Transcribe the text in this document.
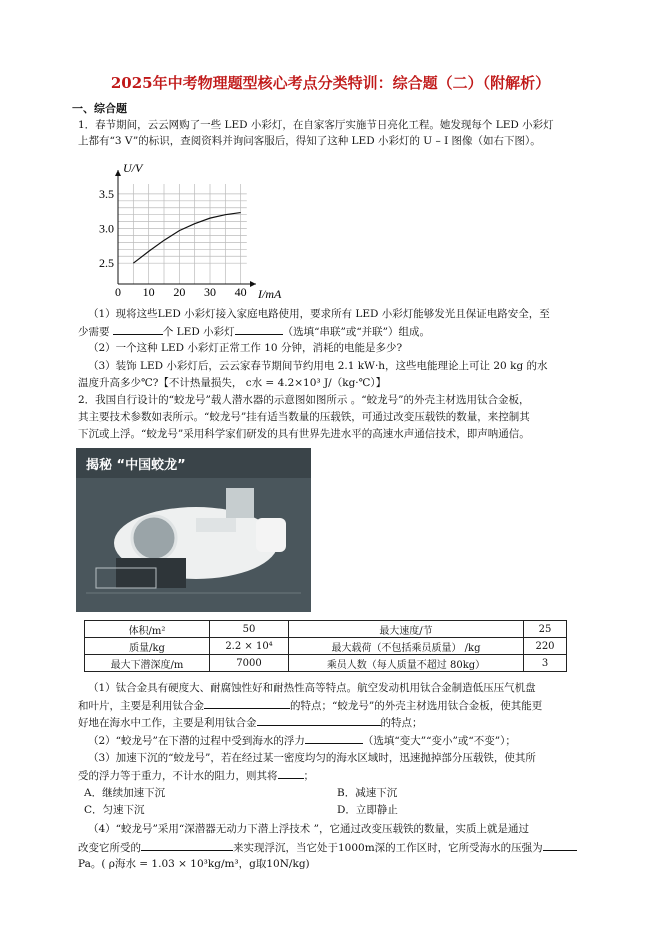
2025年中考物理题型核心考点分类特训：综合题（二）（附解析）
一、综合题
1．春节期间，云云网购了一些 LED 小彩灯，在自家客厅实施节日亮化工程。她发现每个 LED 小彩灯
上都有“3 V”的标识，查阅资料并询问客服后，得知了这种 LED 小彩灯的 U – I 图像（如右下图）。
0 10 20 30 40
2.5
3.0
3.5
I/mA
U/V
（1）现将这些LED 小彩灯接入家庭电路使用，要求所有 LED 小彩灯能够发光且保证电路安全，至
少需要	个 LED 小彩灯	（选填“串联”或“并联”）组成。
（2）一个这种 LED 小彩灯正常工作 10 分钟，消耗的电能是多少?
（3）装饰 LED 小彩灯后，云云家春节期间节约用电 2.1 kW·h，这些电能理论上可让 20 kg 的水
温度升高多少℃?【不计热量损失， c水 = 4.2×10³ J/（kg·℃）】
2．我国自行设计的“蛟龙号”载人潜水器的示意图如图所示 。“蛟龙号”的外壳主材选用钛合金板，
其主要技术参数如表所示。“蛟龙号”挂有适当数量的压载铁，可通过改变压载铁的数量，来控制其
下沉或上浮。“蛟龙号”采用科学家们研发的具有世界先进水平的高速水声通信技术，即声呐通信。
揭秘 “中国蛟龙”
体积/m²	50	最大速度/节	25
质量/kg	2.2 × 10⁴	最大载荷（不包括乘员质量） /kg	220
最大下潜深度/m	7000	乘员人数（每人质量不超过 80kg）	3
（1）钛合金具有硬度大、耐腐蚀性好和耐热性高等特点。航空发动机用钛合金制造低压压气机盘
和叶片，主要是利用钛合金	的特点；“蛟龙号”的外壳主材选用钛合金板，使其能更
好地在海水中工作，主要是利用钛合金	的特点；
（2）“蛟龙号”在下潜的过程中受到海水的浮力	（选填“变大”“变小”或“不变”）；
（3）加速下沉的“蛟龙号”，若在经过某一密度均匀的海水区域时，迅速抛掉部分压载铁，使其所
受的浮力等于重力，不计水的阻力，则其将 ；
A．继续加速下沉	B．减速下沉
C．匀速下沉	D．立即静止
（4）“蛟龙号”采用“深潜器无动力下潜上浮技术 ”，它通过改变压载铁的数量，实质上就是通过
改变它所受的	来实现浮沉，当它处于1000m深的工作区时，它所受海水的压强为
Pa。( ρ海水 = 1.03 × 10³kg/m³，g取10N/kg)
